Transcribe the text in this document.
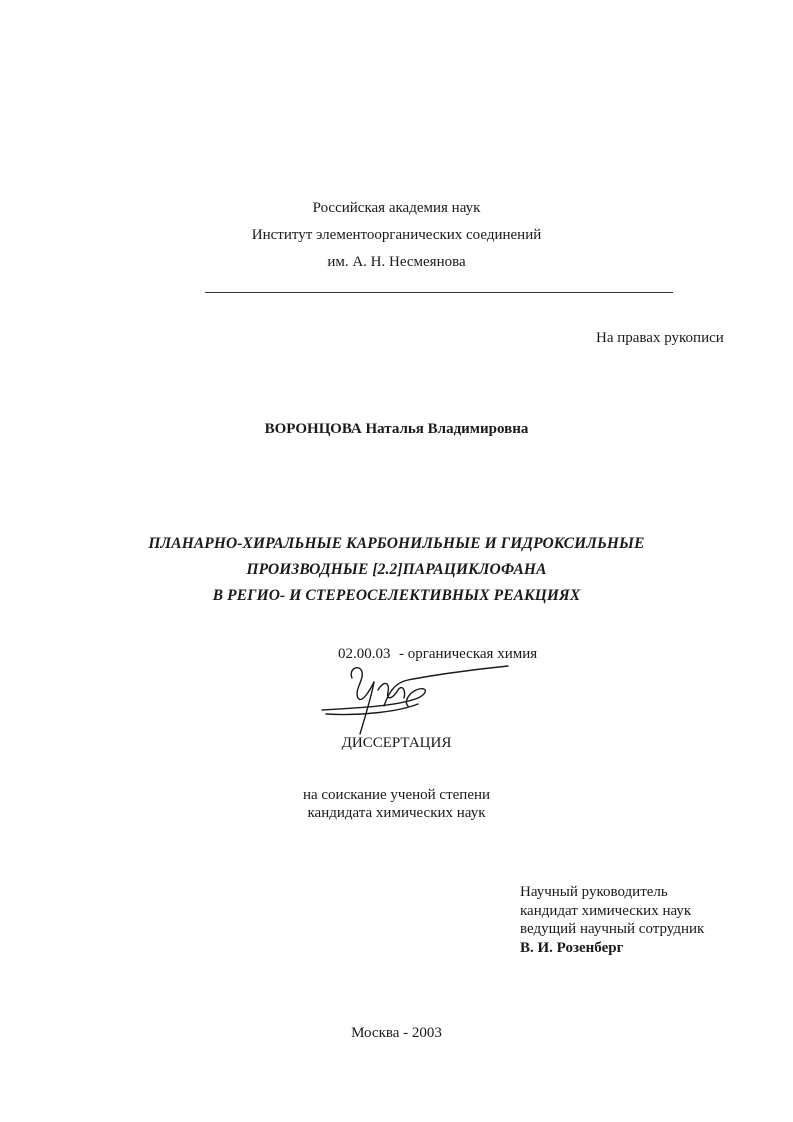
Российская академия наук
Институт элементоорганических соединений
им. А. Н. Несмеянова
На правах рукописи
ВОРОНЦОВА Наталья Владимировна
ПЛАНАРНО-ХИРАЛЬНЫЕ КАРБОНИЛЬНЫЕ И ГИДРОКСИЛЬНЫЕ
ПРОИЗВОДНЫЕ [2.2]ПАРАЦИКЛОФАНА
В РЕГИО- И СТЕРЕОСЕЛЕКТИВНЫХ РЕАКЦИЯХ
02.00.03 - органическая химия
ДИССЕРТАЦИЯ
на соискание ученой степени
кандидата химических наук
Научный руководитель
кандидат химических наук
ведущий научный сотрудник
В. И. Розенберг
Москва - 2003
